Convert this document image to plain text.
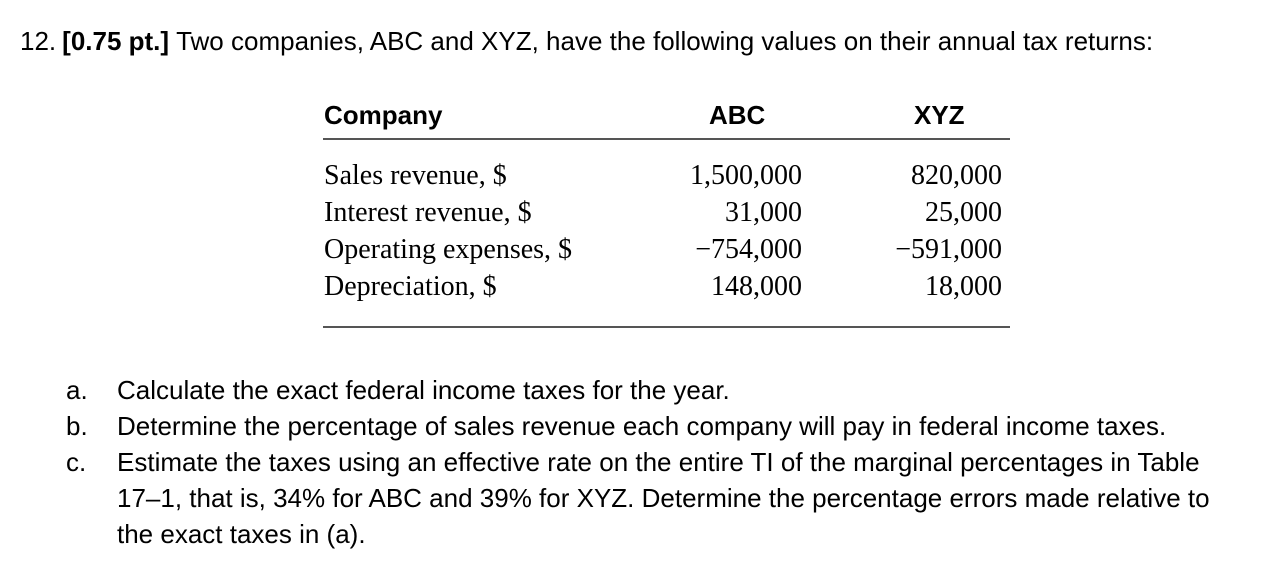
12. [0.75 pt.] Two companies, ABC and XYZ, have the following values on their annual tax returns:
Company	ABC	XYZ
Sales revenue, $	1,500,000	820,000
Interest revenue, $	31,000	25,000
Operating expenses, $	−754,000	−591,000
Depreciation, $	148,000	18,000
a. Calculate the exact federal income taxes for the year.
b. Determine the percentage of sales revenue each company will pay in federal income taxes.
c. Estimate the taxes using an effective rate on the entire TI of the marginal percentages in Table 17–1, that is, 34% for ABC and 39% for XYZ. Determine the percentage errors made relative to the exact taxes in (a).
